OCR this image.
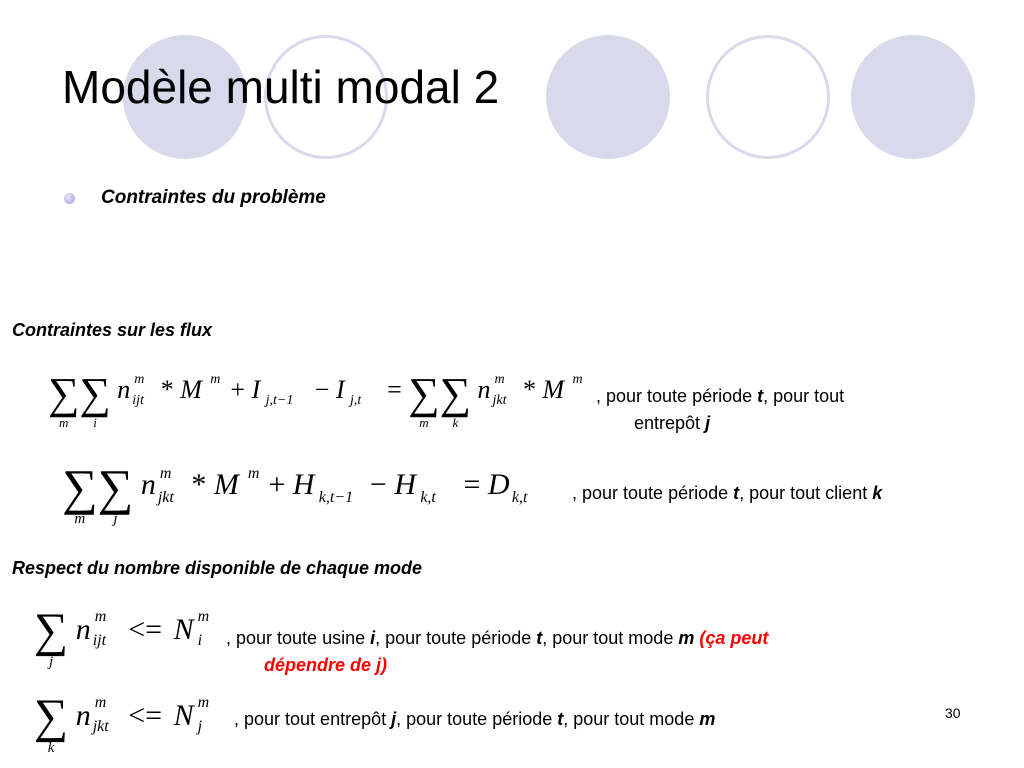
Modèle multi modal 2
Contraintes du problème
Contraintes sur les flux
∑
m
∑
i
n m
ijt * M m + I j,t−1 − I j,t = ∑
m
∑
k
n m
jkt * M m
, pour toute période t, pour tout
entrepôt j
∑
m
∑
j
n m
jkt * M m + H k,t−1 − H k,t = D k,t , pour toute période t, pour tout client k
Respect du nombre disponible de chaque mode
∑
j
n m
ijt <= N m
i , pour toute usine i, pour toute période t, pour tout mode m (ça peut
dépendre de j)
∑
k
n m
jkt <= N m
j , pour tout entrepôt j, pour toute période t, pour tout mode m	30
